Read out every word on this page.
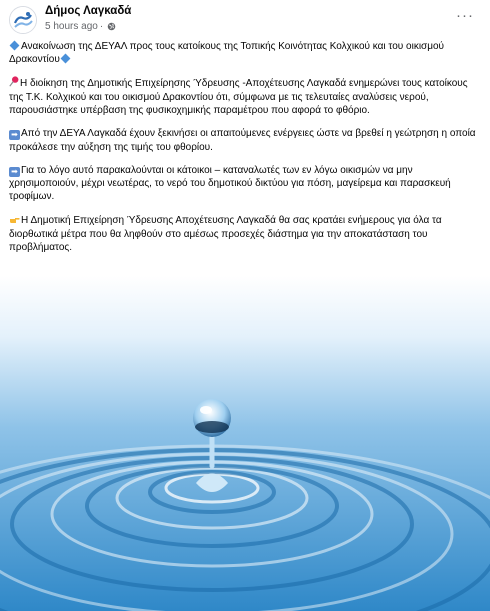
Δήμος Λαγκαδά
5 hours ago ·
···

Ανακοίνωση της ΔΕΥΑΛ προς τους κατοίκους της Τοπικής Κοινότητας Κολχικού και του οικισμού Δρακοντίου

Η διοίκηση της Δημοτικής Επιχείρησης Ύδρευσης -Αποχέτευσης Λαγκαδά ενημερώνει τους κατοίκους της Τ.Κ. Κολχικού και του οικισμού Δρακοντίου ότι, σύμφωνα με τις τελευταίες αναλύσεις νερού, παρουσιάστηκε υπέρβαση της φυσικοχημικής παραμέτρου που αφορά το φθόριο.

➡ Από την ΔΕΥΑ Λαγκαδά έχουν ξεκινήσει οι απαιτούμενες ενέργειες ώστε να βρεθεί η γεώτρηση η οποία προκάλεσε την αύξηση της τιμής του φθορίου.

➡ Για το λόγο αυτό παρακαλούνται οι κάτοικοι – καταναλωτές των εν λόγω οικισμών να μην χρησιμοποιούν, μέχρι νεωτέρας, το νερό του δημοτικού δικτύου για πόση, μαγείρεμα και παρασκευή τροφίμων.

Η Δημοτική Επιχείρηση Ύδρευσης Αποχέτευσης Λαγκαδά θα σας κρατάει ενήμερους για όλα τα διορθωτικά μέτρα που θα ληφθούν στο αμέσως προσεχές διάστημα για την αποκατάσταση του προβλήματος.
